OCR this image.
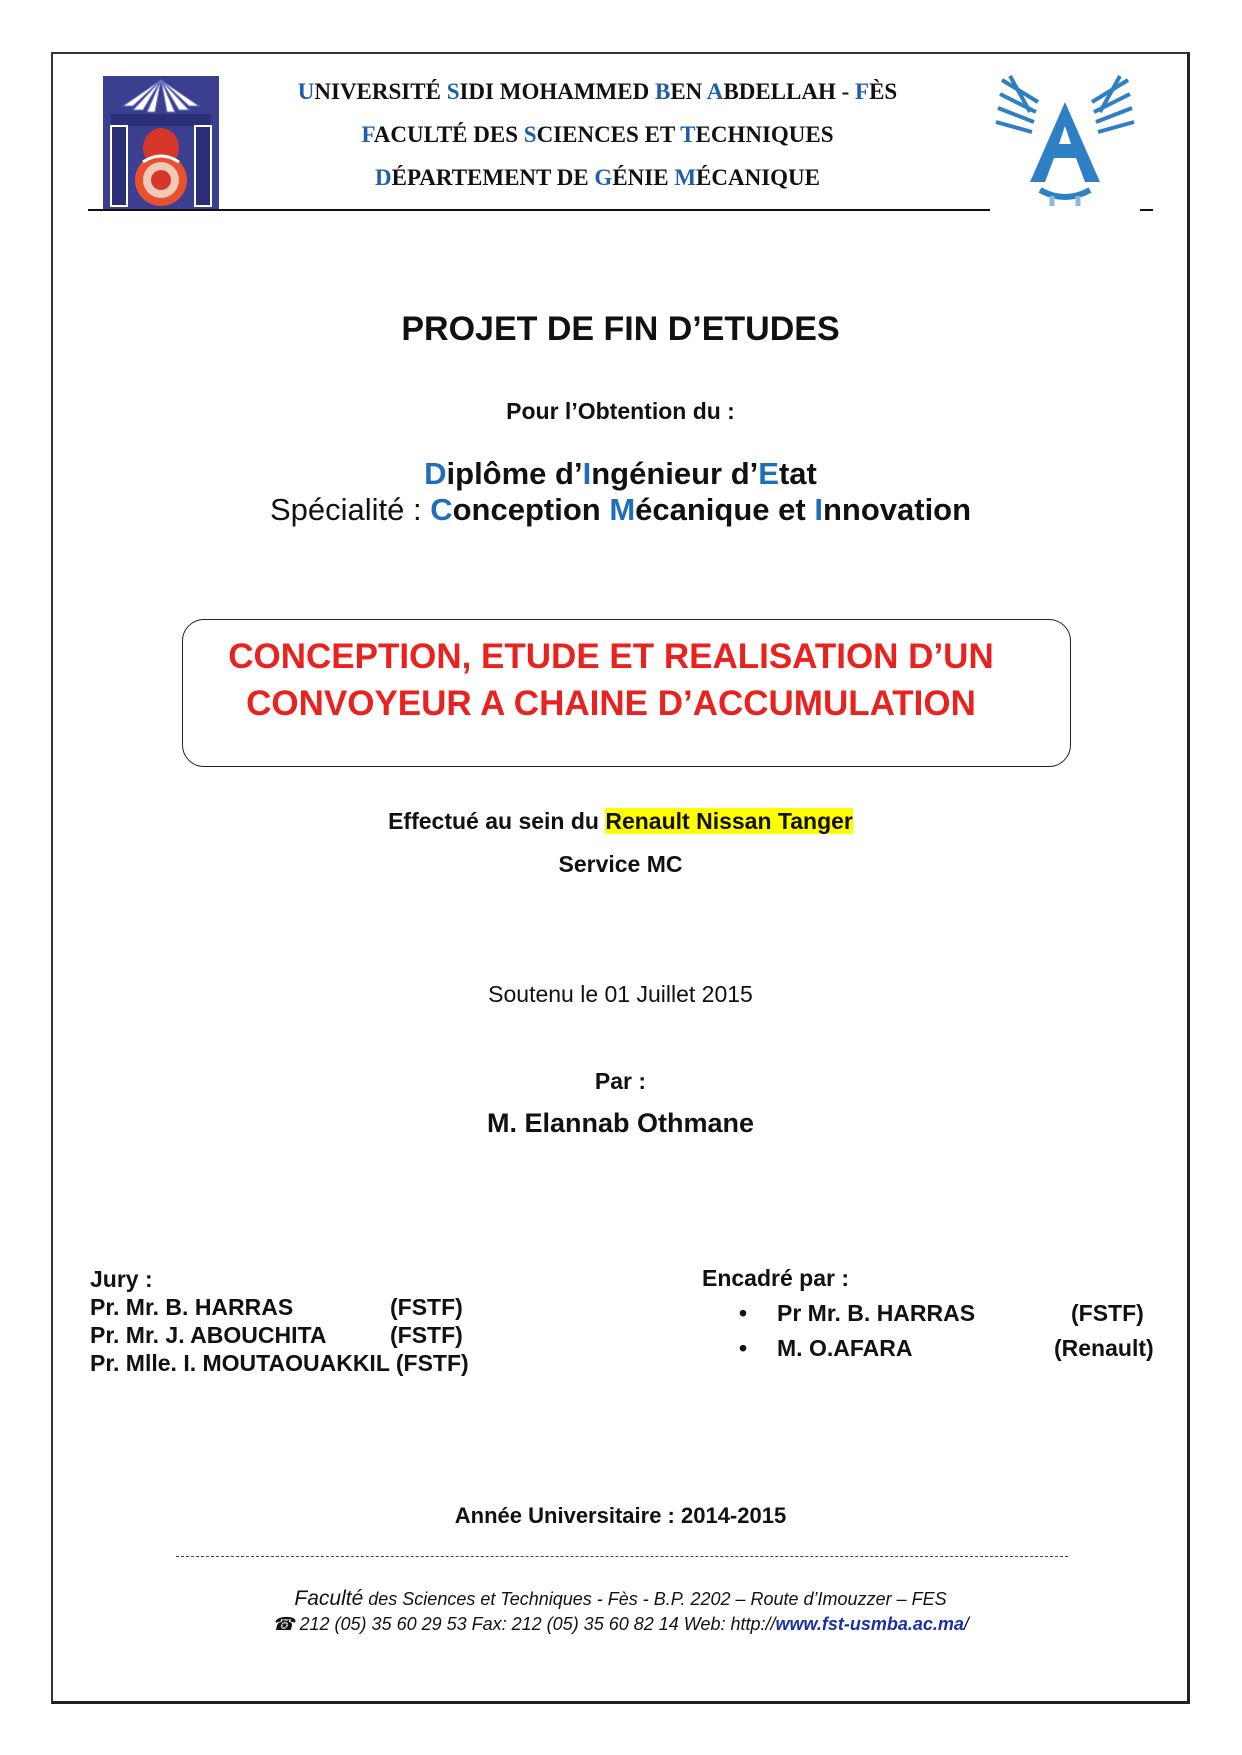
UNIVERSITÉ SIDI MOHAMMED BEN ABDELLAH - FÈS
FACULTÉ DES SCIENCES ET TECHNIQUES
DÉPARTEMENT DE GÉNIE MÉCANIQUE
PROJET DE FIN D’ETUDES
Pour l’Obtention du :
Diplôme d’Ingénieur d’Etat
Spécialité : Conception Mécanique et Innovation
CONCEPTION, ETUDE ET REALISATION D’UN
CONVOYEUR A CHAINE D’ACCUMULATION
Effectué au sein du Renault Nissan Tanger
Service MC
Soutenu le 01 Juillet 2015
Par :
M. Elannab Othmane
Jury :
Pr. Mr. B. HARRAS	(FSTF)
Pr. Mr. J. ABOUCHITA	(FSTF)
Pr. Mlle. I. MOUTAOUAKKIL (FSTF)
Encadré par :
• Pr Mr. B. HARRAS	(FSTF)
• M. O.AFARA	(Renault)
Année Universitaire : 2014-2015
Faculté des Sciences et Techniques - Fès - B.P. 2202 – Route d’Imouzzer – FES
☎ 212 (05) 35 60 29 53 Fax: 212 (05) 35 60 82 14 Web: http://www.fst-usmba.ac.ma/
